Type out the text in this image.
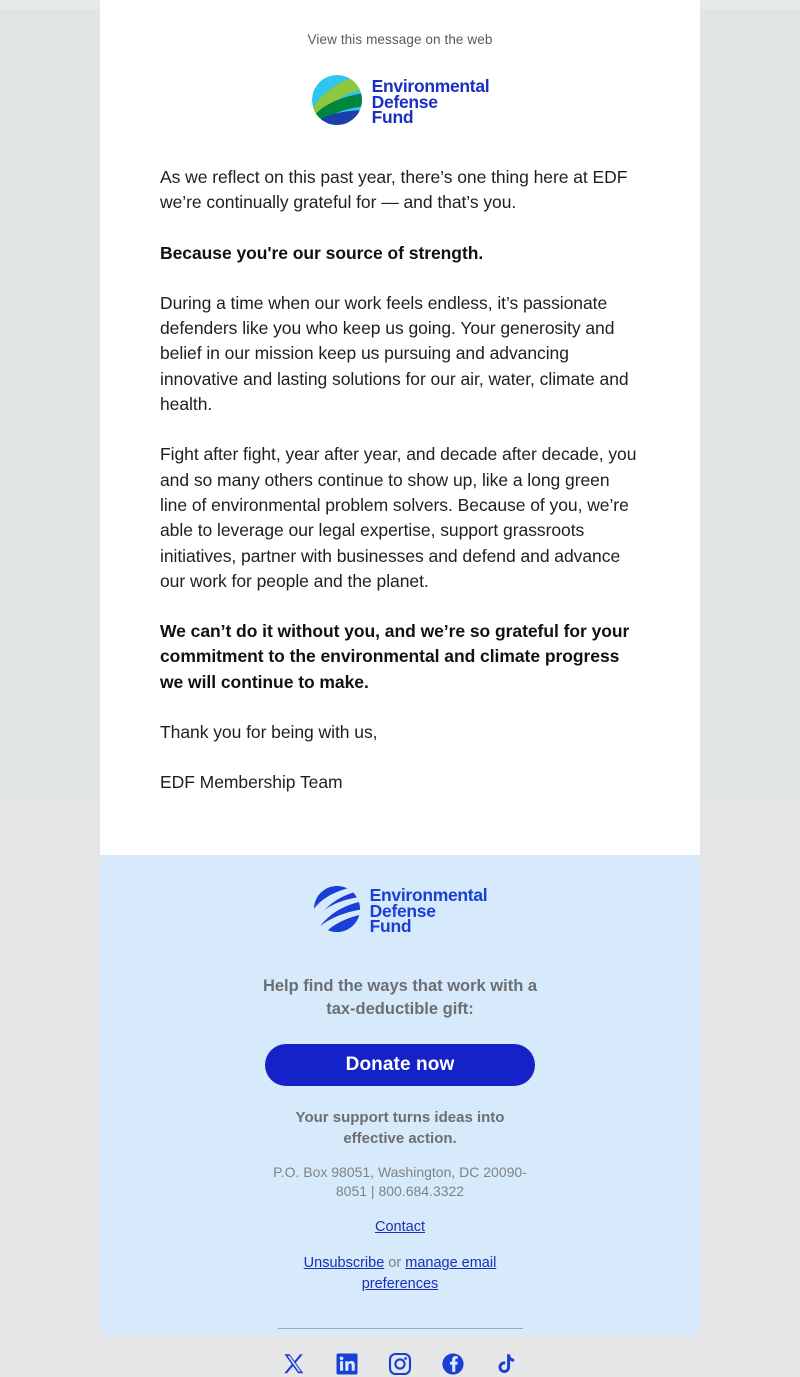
View this message on the web
Environmental
Defense
Fund

As we reflect on this past year, there’s one thing here at EDF we’re continually grateful for — and that’s you.

Because you're our source of strength.

During a time when our work feels endless, it’s passionate defenders like you who keep us going. Your generosity and belief in our mission keep us pursuing and advancing innovative and lasting solutions for our air, water, climate and health.

Fight after fight, year after year, and decade after decade, you and so many others continue to show up, like a long green line of environmental problem solvers. Because of you, we’re able to leverage our legal expertise, support grassroots initiatives, partner with businesses and defend and advance our work for people and the planet.

We can’t do it without you, and we’re so grateful for your commitment to the environmental and climate progress we will continue to make.

Thank you for being with us,

EDF Membership Team

Environmental
Defense
Fund
Help find the ways that work with a tax-deductible gift:
Donate now
Your support turns ideas into effective action.
P.O. Box 98051, Washington, DC 20090-8051 | 800.684.3322
Contact
Unsubscribe or manage email preferences
